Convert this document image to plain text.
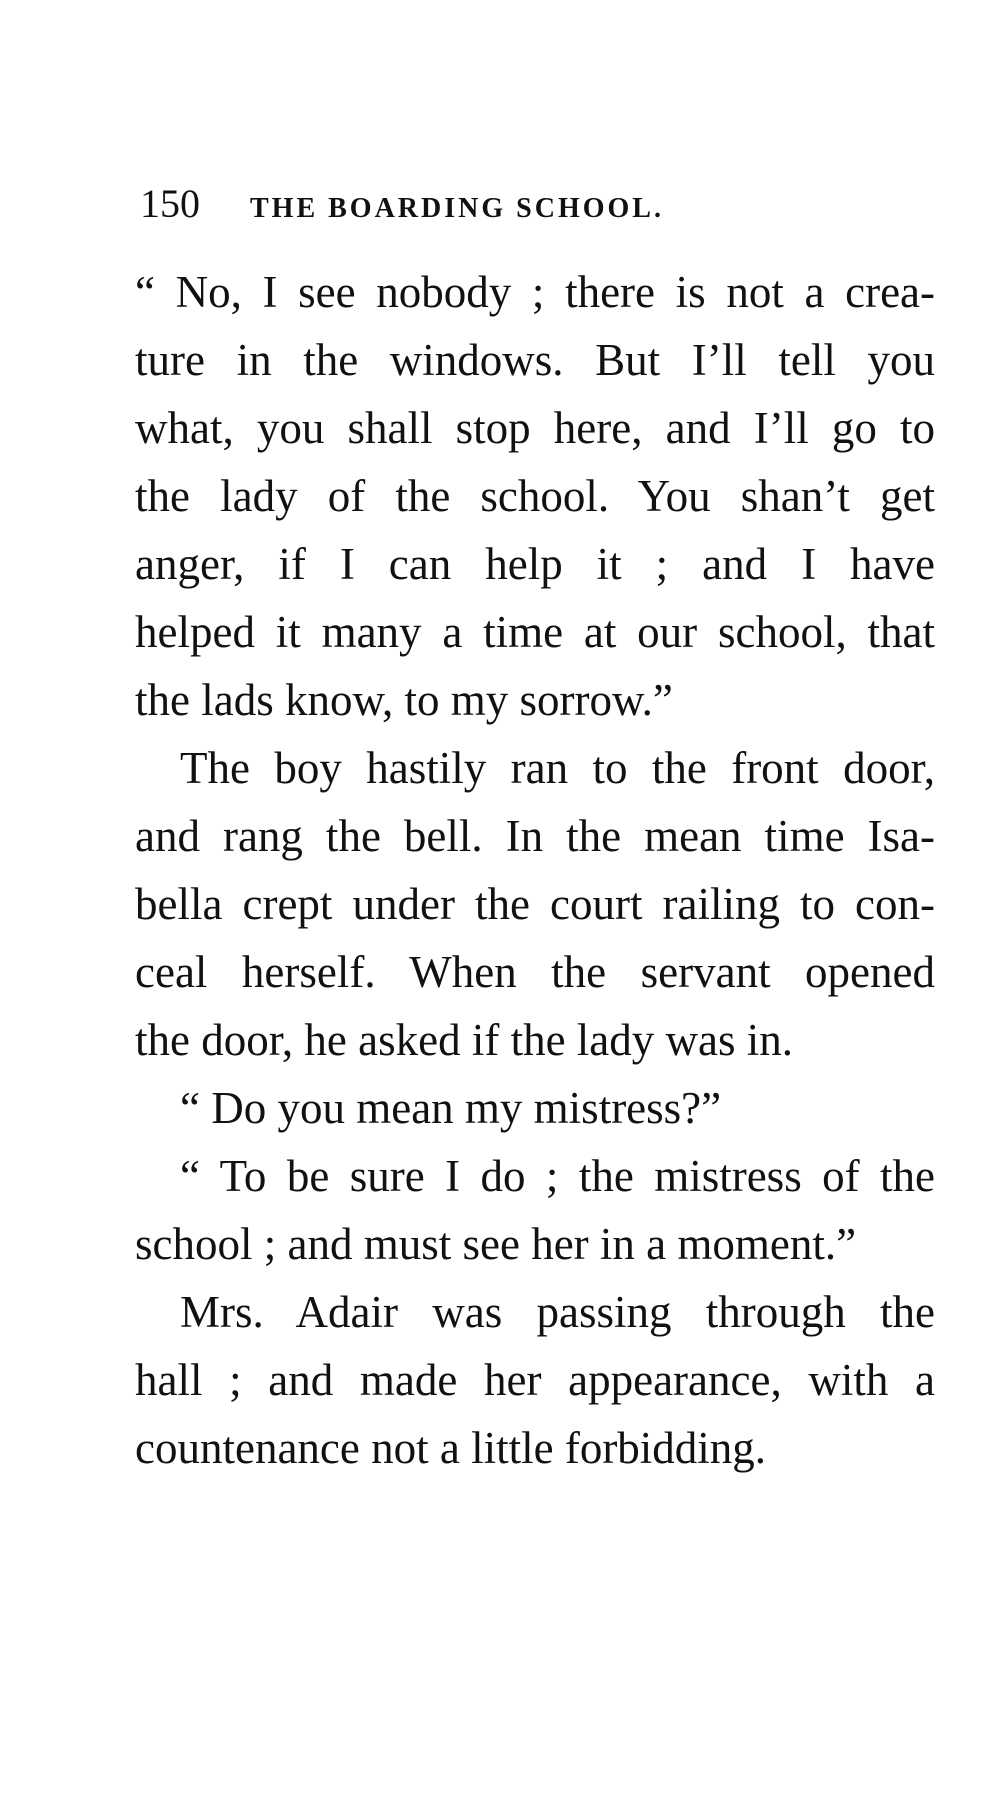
150 THE BOARDING SCHOOL.

“ No, I see nobody ; there is not a crea-
ture in the windows. But I’ll tell you
what, you shall stop here, and I’ll go to
the lady of the school. You shan’t get
anger, if I can help it ; and I have
helped it many a time at our school, that
the lads know, to my sorrow.”

The boy hastily ran to the front door,
and rang the bell. In the mean time Isa-
bella crept under the court railing to con-
ceal herself. When the servant opened
the door, he asked if the lady was in.

“ Do you mean my mistress?”

“ To be sure I do ; the mistress of the
school ; and must see her in a moment.”

Mrs. Adair was passing through the
hall ; and made her appearance, with a
countenance not a little forbidding.
